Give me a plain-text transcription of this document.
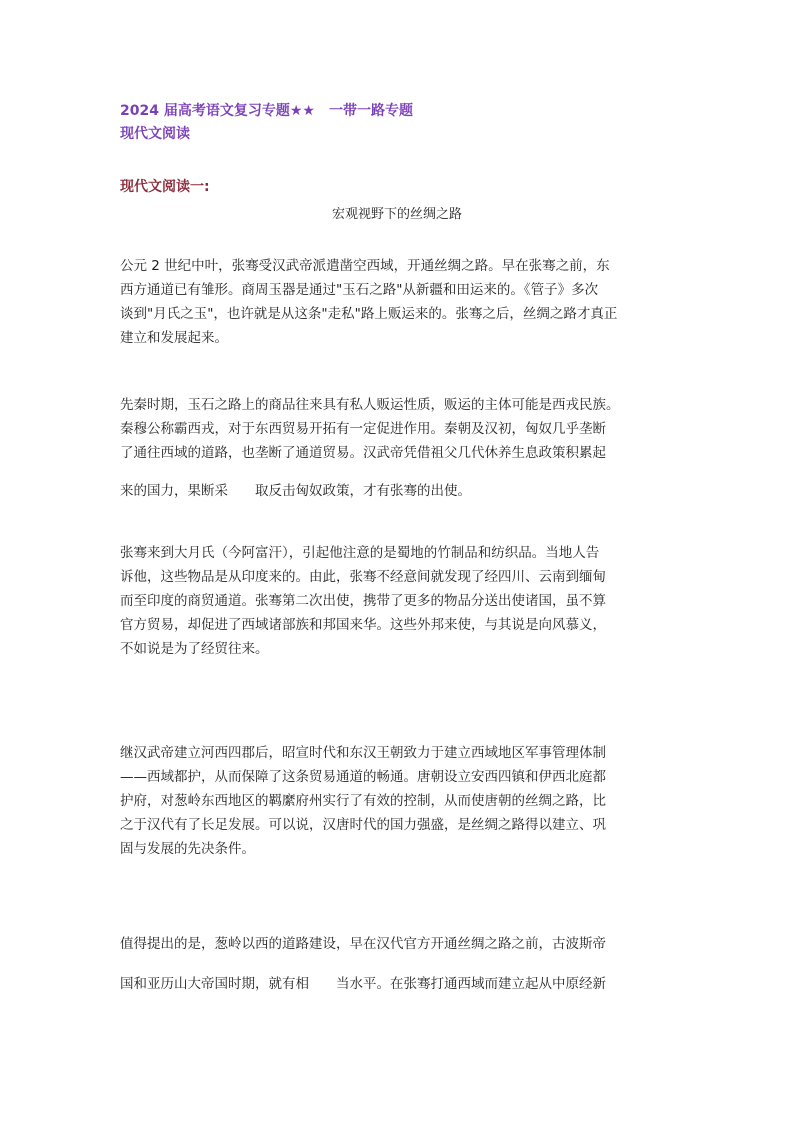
2024 届高考语文复习专题★★　一带一路专题
现代文阅读
现代文阅读一:
宏观视野下的丝绸之路
公元 2 世纪中叶，张骞受汉武帝派遣凿空西域，开通丝绸之路。早在张骞之前，东
西方通道已有雏形。商周玉器是通过"玉石之路"从新疆和田运来的。《管子》多次
谈到"月氏之玉"，也许就是从这条"走私"路上贩运来的。张骞之后，丝绸之路才真正
建立和发展起来。
先秦时期，玉石之路上的商品往来具有私人贩运性质，贩运的主体可能是西戎民族。
秦穆公称霸西戎，对于东西贸易开拓有一定促进作用。秦朝及汉初，匈奴几乎垄断
了通往西域的道路，也垄断了通道贸易。汉武帝凭借祖父几代休养生息政策积累起
来的国力，果断采　　取反击匈奴政策，才有张骞的出使。
张骞来到大月氏（今阿富汗），引起他注意的是蜀地的竹制品和纺织品。当地人告
诉他，这些物品是从印度来的。由此，张骞不经意间就发现了经四川、云南到缅甸
而至印度的商贸通道。张骞第二次出使，携带了更多的物品分送出使诸国，虽不算
官方贸易，却促进了西域诸部族和邦国来华。这些外邦来使，与其说是向风慕义，
不如说是为了经贸往来。
继汉武帝建立河西四郡后，昭宣时代和东汉王朝致力于建立西域地区军事管理体制
——西域都护，从而保障了这条贸易通道的畅通。唐朝设立安西四镇和伊西北庭都
护府，对葱岭东西地区的羁縻府州实行了有效的控制，从而使唐朝的丝绸之路，比
之于汉代有了长足发展。可以说，汉唐时代的国力强盛，是丝绸之路得以建立、巩
固与发展的先决条件。
值得提出的是，葱岭以西的道路建设，早在汉代官方开通丝绸之路之前，古波斯帝
国和亚历山大帝国时期，就有相　　当水平。在张骞打通西域而建立起从中原经新
